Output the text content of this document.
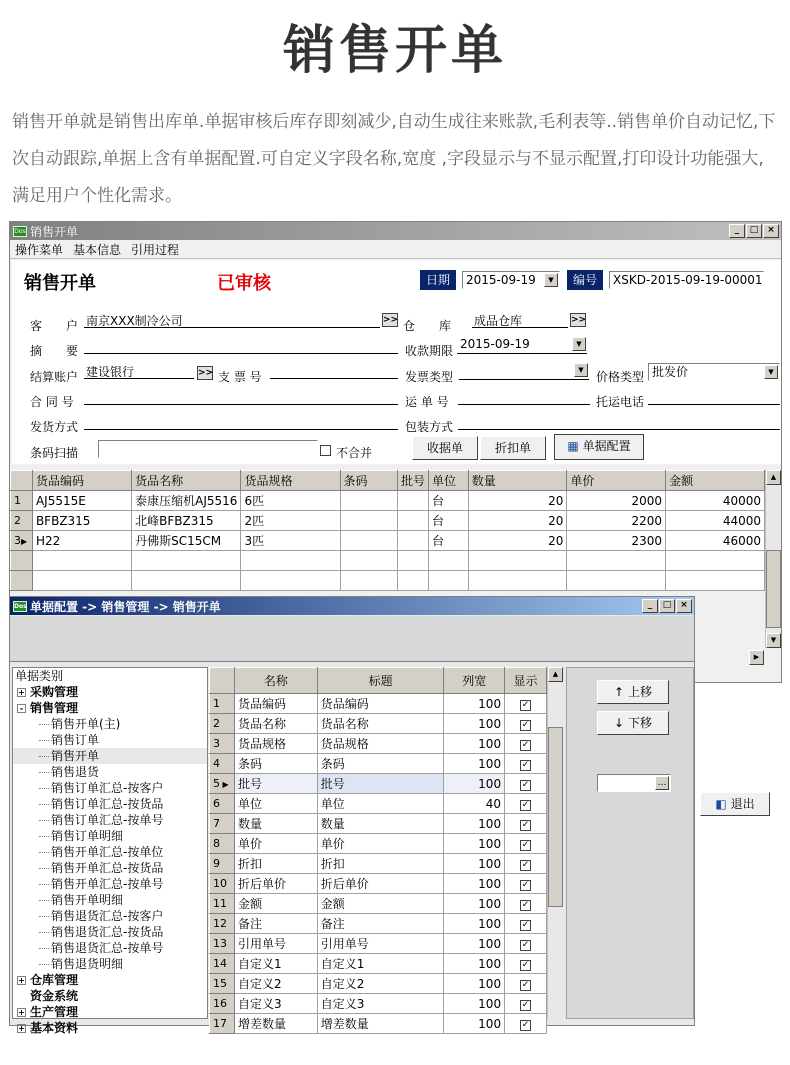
销售开单
销售开单就是销售出库单.单据审核后库存即刻减少,自动生成往来账款,毛利表等..销售单价自动记忆,下次自动跟踪,单据上含有单据配置.可自定义字段名称,宽度 ,字段显示与不显示配置,打印设计功能强大,满足用户个性化需求。
Dos 销售开单	_	□ ×
操作菜单 基本信息 引用过程
销售开单	已审核	日期	2015-09-19	▼	编号	XSKD-2015-09-19-00001
客　　户 南京XXX制冷公司	>> 仓　　库 成品仓库	>>
摘　　要	收款期限 2015-09-19	▼
结算账户 建设银行	>> 支 票 号	发票类型	▼	价格类型 批发价	▼
合 同 号	运 单 号	托运电话
发货方式	包装方式
条码扫描	不合并	收据单	折扣单	▦ 单据配置
	货品编码	货品名称	货品规格	条码	批号	单位	数量	单价	金额
1	AJ5515E	泰康压缩机AJ5516	6匹			台	20	2000	40000
2	BFBZ315	北峰BFBZ315	2匹			台	20	2200	44000
3▶	H22	丹佛斯SC15CM	3匹			台	20	2300	46000

▲
▼
▶
Dos 单据配置 -> 销售管理 -> 销售开单	_	□ ×
单据类别
+ 采购管理
- 销售管理
销售开单(主)
销售订单
销售开单
销售退货
销售订单汇总-按客户
销售订单汇总-按货品
销售订单汇总-按单号
销售订单明细
销售开单汇总-按单位
销售开单汇总-按货品
销售开单汇总-按单号
销售开单明细
销售退货汇总-按客户
销售退货汇总-按货品
销售退货汇总-按单号
销售退货明细
+ 仓库管理
资金系统
+ 生产管理
+ 基本资料
	名称	标题	列宽	显示
1	货品编码	货品编码	100	✓
2	货品名称	货品名称	100	✓
3	货品规格	货品规格	100	✓
4	条码	条码	100	✓
5 ▶	批号	批号	100	✓
6	单位	单位	40	✓
7	数量	数量	100	✓
8	单价	单价	100	✓
9	折扣	折扣	100	✓
10	折后单价	折后单价	100	✓
11	金额	金额	100	✓
12	备注	备注	100	✓
13	引用单号	引用单号	100	✓
14	自定义1	自定义1	100	✓
15	自定义2	自定义2	100	✓
16	自定义3	自定义3	100	✓
17	增差数量	增差数量	100	✓
▲
↑ 上移
↓ 下移
…
◧ 退出
